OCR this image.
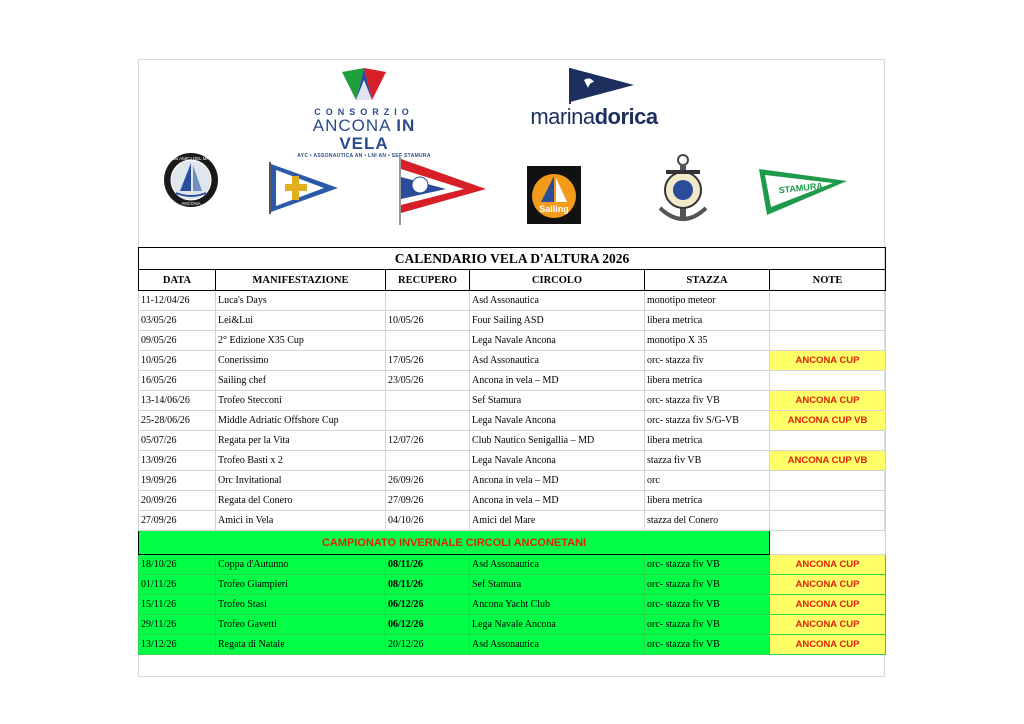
CONSORZIO
ANCONA IN VELA
AYC • ASSONAUTICA AN • LNI AN • SEF STAMURA
marinadorica
CLUB AMICI DEL MARE
ANCONA
Sailing
STAMURA
CALENDARIO VELA D'ALTURA 2026					
DATA	MANIFESTAZIONE	RECUPERO	CIRCOLO	STAZZA	NOTE
11-12/04/26	Luca's Days		Asd Assonautica	monotipo meteor	
03/05/26	Lei&Lui	10/05/26	Four Sailing ASD	libera metrica	
09/05/26	2° Edizione X35 Cup		Lega Navale Ancona	monotipo X 35	
10/05/26	Conerissimo	17/05/26	Asd Assonautica	orc- stazza fiv	ANCONA CUP
16/05/26	Sailing chef	23/05/26	Ancona in vela – MD	libera metrica	
13-14/06/26	Trofeo Stecconi		Sef Stamura	orc- stazza fiv VB	ANCONA CUP
25-28/06/26	Middle Adriatic Offshore Cup		Lega Navale Ancona	orc- stazza fiv S/G-VB	ANCONA CUP VB
05/07/26	Regata per la Vita	12/07/26	Club Nautico Senigallia – MD	libera metrica	
13/09/26	Trofeo Basti x 2		Lega Navale Ancona	stazza fiv VB	ANCONA CUP VB
19/09/26	Orc Invitational	26/09/26	Ancona in vela – MD	orc	
20/09/26	Regata del Conero	27/09/26	Ancona in vela – MD	libera metrica	
27/09/26	Amici in Vela	04/10/26	Amici del Mare	stazza del Conero	
CAMPIONATO INVERNALE CIRCOLI ANCONETANI					
18/10/26	Coppa d'Autunno	08/11/26	Asd Assonautica	orc- stazza fiv VB	ANCONA CUP
01/11/26	Trofeo Giampieri	08/11/26	Sef Stamura	orc- stazza fiv VB	ANCONA CUP
15/11/26	Trofeo Stasi	06/12/26	Ancona Yacht Club	orc- stazza fiv VB	ANCONA CUP
29/11/26	Trofeo Gavetti	06/12/26	Lega Navale Ancona	orc- stazza fiv VB	ANCONA CUP
13/12/26	Regata di Natale	20/12/26	Asd Assonautica	orc- stazza fiv VB	ANCONA CUP
